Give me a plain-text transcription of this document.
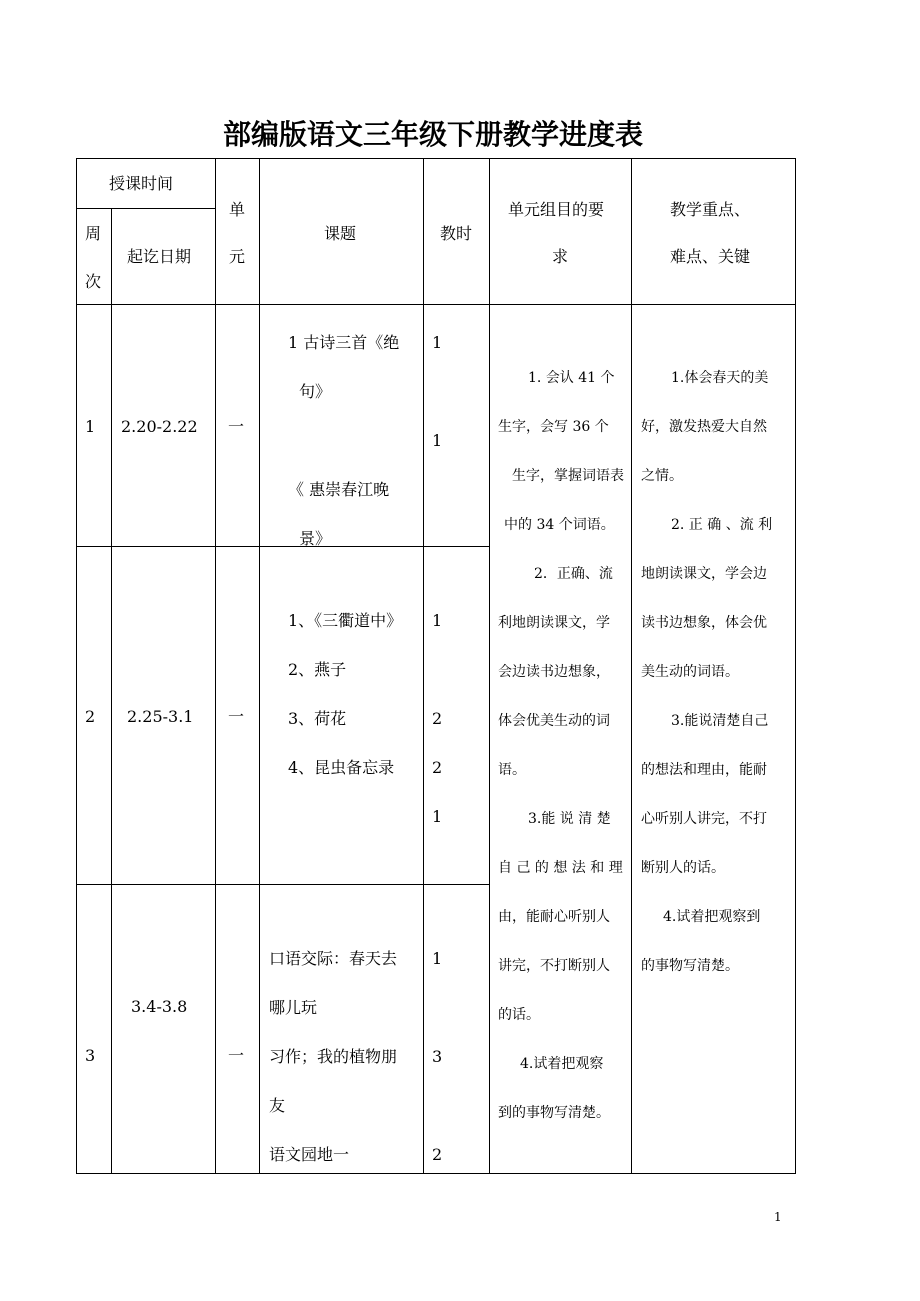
部编版语文三年级下册教学进度表
授课时间
周
次
起讫日期
单
元
课题	教时
单元组目的要
求
教学重点、
难点、关键
1 2.20-2.22 一
1 古诗三首《绝
句》
《 惠崇春江晚
景》
1
1
2 2.25-3.1 一
1、《三衢道中》
2、燕子
3、荷花
4、昆虫备忘录
1
2
2
1
3
3.4-3.8
一
口语交际：春天去
哪儿玩
习作；我的植物朋
友
语文园地一
1
3
2
1. 会认 41 个
生字，会写 36 个
生字，掌握词语表
中的 34 个词语。
2．正确、流
利地朗读课文，学
会边读书边想象，
体会优美生动的词
语。
3.能 说 清 楚
自 己 的 想 法 和 理
由，能耐心听别人
讲完，不打断别人
的话。
4.试着把观察
到的事物写清楚。
1.体会春天的美
好，激发热爱大自然
之情。
2. 正 确 、流 利
地朗读课文，学会边
读书边想象，体会优
美生动的词语。
3.能说清楚自己
的想法和理由，能耐
心听别人讲完，不打
断别人的话。
4.试着把观察到
的事物写清楚。
1
